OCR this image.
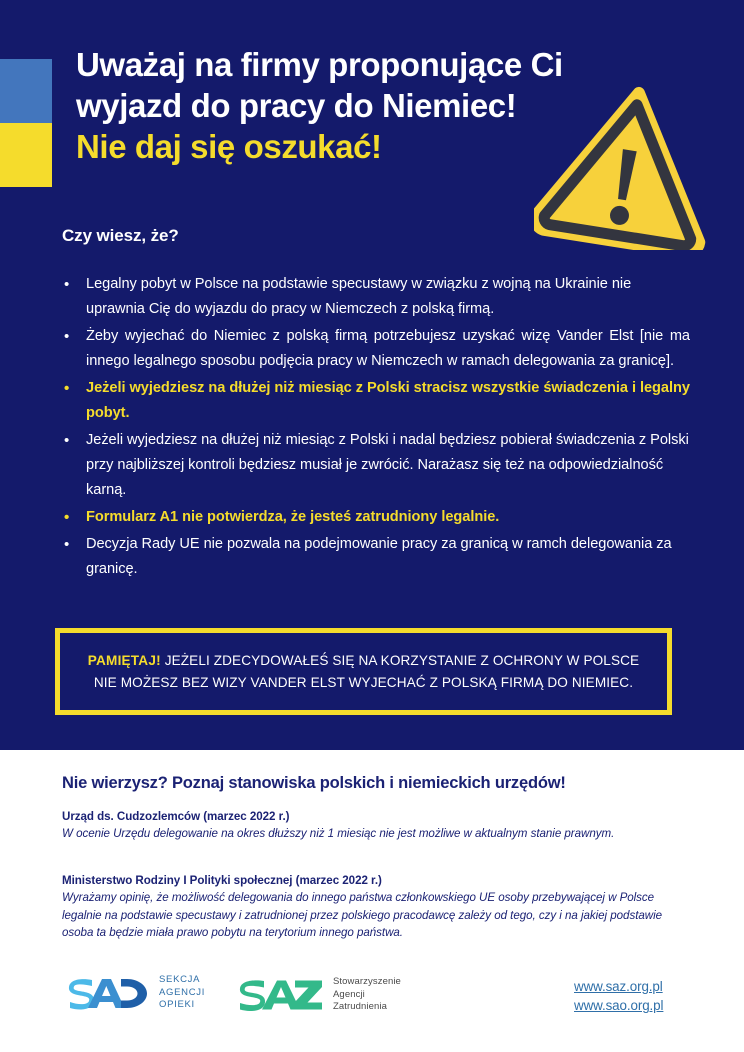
Uważaj na firmy proponujące Ci
wyjazd do pracy do Niemiec!
Nie daj się oszukać!
Czy wiesz, że?
•	Legalny pobyt w Polsce na podstawie specustawy w związku z wojną na Ukrainie nie uprawnia Cię do wyjazdu do pracy w Niemczech z polską firmą.
•	Żeby wyjechać do Niemiec z polską firmą potrzebujesz uzyskać wizę Vander Elst [nie ma innego legalnego sposobu podjęcia pracy w Niemczech w ramach delegowania za granicę].
•	Jeżeli wyjedziesz na dłużej niż miesiąc z Polski stracisz wszystkie świadczenia i legalny pobyt.
•	Jeżeli wyjedziesz na dłużej niż miesiąc z Polski i nadal będziesz pobierał świadczenia z Polski przy najbliższej kontroli będziesz musiał je zwrócić. Narażasz się też na odpowiedzialność karną.
•	Formularz A1 nie potwierdza, że jesteś zatrudniony legalnie.
•	Decyzja Rady UE nie pozwala na podejmowanie pracy za granicą w ramch delegowania za granicę.
PAMIĘTAJ! JEŻELI ZDECYDOWAŁEŚ SIĘ NA KORZYSTANIE Z OCHRONY W POLSCE
NIE MOŻESZ BEZ WIZY VANDER ELST WYJECHAĆ Z POLSKĄ FIRMĄ DO NIEMIEC.
Nie wierzysz? Poznaj stanowiska polskich i niemieckich urzędów!
Urząd ds. Cudzozlemców (marzec 2022 r.)
W ocenie Urzędu delegowanie na okres dłuższy niż 1 miesiąc nie jest możliwe w aktualnym stanie prawnym.
Ministerstwo Rodziny I Polityki społecznej (marzec 2022 r.)
Wyrażamy opinię, że możliwość delegowania do innego państwa członkowskiego UE osoby przebywającej w Polsce legalnie na podstawie specustawy i zatrudnionej przez polskiego pracodawcę zależy od tego, czy i na jakiej podstawie osoba ta będzie miała prawo pobytu na terytorium innego państwa.
SEKCJA
AGENCJI
OPIEKI
Stowarzyszenie
Agencji
Zatrudnienia
www.saz.org.pl
www.sao.org.pl
